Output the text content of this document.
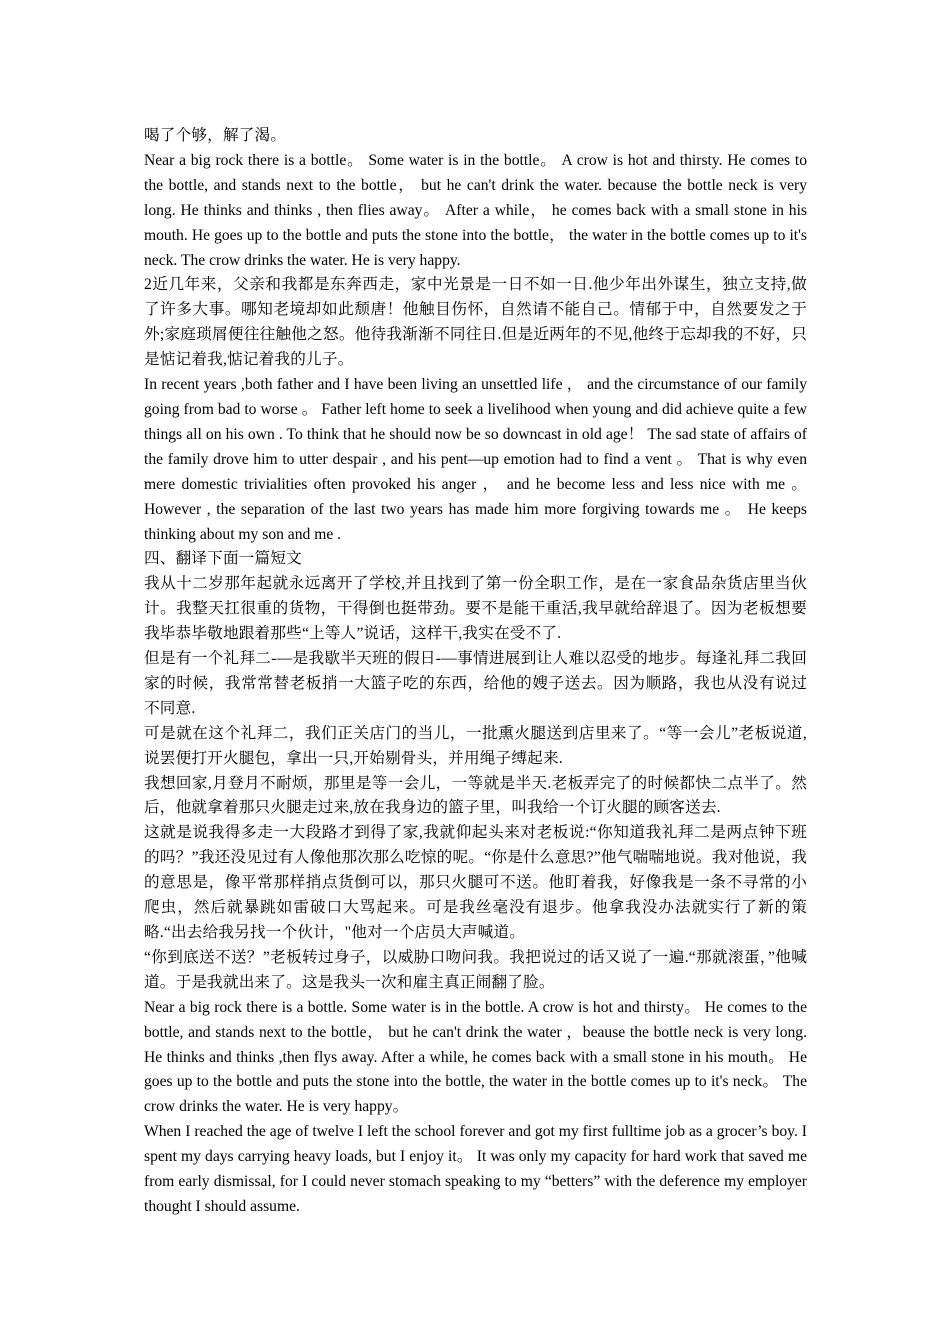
喝了个够，解了渴。

Near a big rock there is a bottle。 Some water is in the bottle。 A crow is hot and thirsty. He comes to the bottle, and stands next to the bottle， but he can't drink the water. because the bottle neck is very long. He thinks and thinks , then flies away。 After a while， he comes back with a small stone in his mouth. He goes up to the bottle and puts the stone into the bottle， the water in the bottle comes up to it's neck. The crow drinks the water. He is very happy.

2近几年来，父亲和我都是东奔西走，家中光景是一日不如一日.他少年出外谋生，独立支持,做了许多大事。哪知老境却如此颓唐！他触目伤怀，自然请不能自己。情郁于中，自然要发之于外;家庭琐屑便往往触他之怒。他待我渐渐不同往日.但是近两年的不见,他终于忘却我的不好，只是惦记着我,惦记着我的儿子。

In recent years ,both father and I have been living an unsettled life ， and the circumstance of our family going from bad to worse 。 Father left home to seek a livelihood when young and did achieve quite a few things all on his own . To think that he should now be so downcast in old age！ The sad state of affairs of the family drove him to utter despair , and his pent—up emotion had to find a vent 。 That is why even mere domestic trivialities often provoked his anger ， and he become less and less nice with me 。 However , the separation of the last two years has made him more forgiving towards me 。 He keeps thinking about my son and me .

四、翻译下面一篇短文

我从十二岁那年起就永远离开了学校,并且找到了第一份全职工作，是在一家食品杂货店里当伙计。我整天扛很重的货物，干得倒也挺带劲。要不是能干重活,我早就给辞退了。因为老板想要我毕恭毕敬地跟着那些“上等人”说话，这样干,我实在受不了.

但是有一个礼拜二-—是我歇半天班的假日-—事情进展到让人难以忍受的地步。每逢礼拜二我回家的时候，我常常替老板捎一大篮子吃的东西，给他的嫂子送去。因为顺路，我也从没有说过不同意.

可是就在这个礼拜二，我们正关店门的当儿，一批熏火腿送到店里来了。“等一会儿”老板说道,说罢便打开火腿包，拿出一只,开始剔骨头，并用绳子缚起来.

我想回家,月登月不耐烦，那里是等一会儿，一等就是半天.老板弄完了的时候都快二点半了。然后，他就拿着那只火腿走过来,放在我身边的篮子里，叫我给一个订火腿的顾客送去.

这就是说我得多走一大段路才到得了家,我就仰起头来对老板说:“你知道我礼拜二是两点钟下班的吗？”我还没见过有人像他那次那么吃惊的呢。“你是什么意思?”他气喘喘地说。我对他说，我的意思是，像平常那样捎点货倒可以，那只火腿可不送。他盯着我，好像我是一条不寻常的小爬虫，然后就暴跳如雷破口大骂起来。可是我丝毫没有退步。他拿我没办法就实行了新的策略.“出去给我另找一个伙计，"他对一个店员大声喊道。

“你到底送不送？”老板转过身子，以威胁口吻问我。我把说过的话又说了一遍.“那就滚蛋，”他喊道。于是我就出来了。这是我头一次和雇主真正闹翻了脸。

Near a big rock there is a bottle. Some water is in the bottle. A crow is hot and thirsty。 He comes to the bottle, and stands next to the bottle， but he can't drink the water ，beause the bottle neck is very long. He thinks and thinks ,then flys away. After a while, he comes back with a small stone in his mouth。 He goes up to the bottle and puts the stone into the bottle, the water in the bottle comes up to it's neck。 The crow drinks the water. He is very happy。

When I reached the age of twelve I left the school forever and got my first fulltime job as a grocer’s boy. I spent my days carrying heavy loads, but I enjoy it。 It was only my capacity for hard work that saved me from early dismissal, for I could never stomach speaking to my “betters” with the deference my employer thought I should assume.
